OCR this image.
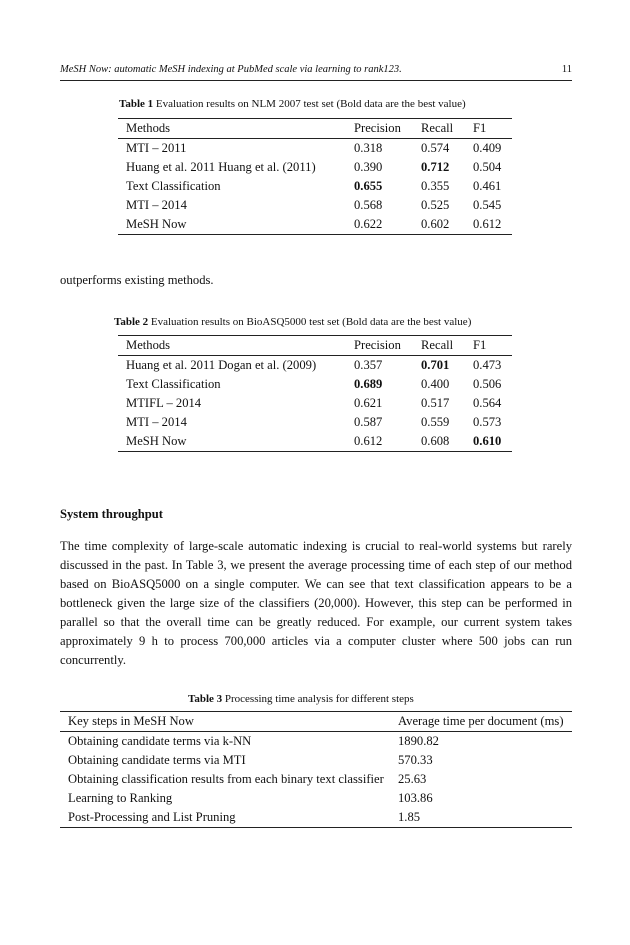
MeSH Now: automatic MeSH indexing at PubMed scale via learning to rank123.	11
Table 1 Evaluation results on NLM 2007 test set (Bold data are the best value)
Methods	Precision	Recall	F1
MTI – 2011	0.318	0.574	0.409
Huang et al. 2011 Huang et al. (2011)	0.390	0.712	0.504
Text Classification	0.655	0.355	0.461
MTI – 2014	0.568	0.525	0.545
MeSH Now	0.622	0.602	0.612
outperforms existing methods.
Table 2 Evaluation results on BioASQ5000 test set (Bold data are the best value)
Methods	Precision	Recall	F1
Huang et al. 2011 Dogan et al. (2009)	0.357	0.701	0.473
Text Classification	0.689	0.400	0.506
MTIFL – 2014	0.621	0.517	0.564
MTI – 2014	0.587	0.559	0.573
MeSH Now	0.612	0.608	0.610
System throughput
The time complexity of large-scale automatic indexing is crucial to real-world systems but rarely discussed in the past. In Table 3, we present the average processing time of each step of our method based on BioASQ5000 on a single computer. We can see that text classification appears to be a bottleneck given the large size of the classifiers (20,000). However, this step can be performed in parallel so that the overall time can be greatly reduced. For example, our current system takes approximately 9 h to process 700,000 articles via a computer cluster where 500 jobs can run concurrently.
Table 3 Processing time analysis for different steps
Key steps in MeSH Now	Average time per document (ms)
Obtaining candidate terms via k-NN	1890.82
Obtaining candidate terms via MTI	570.33
Obtaining classification results from each binary text classifier	25.63
Learning to Ranking	103.86
Post-Processing and List Pruning	1.85
